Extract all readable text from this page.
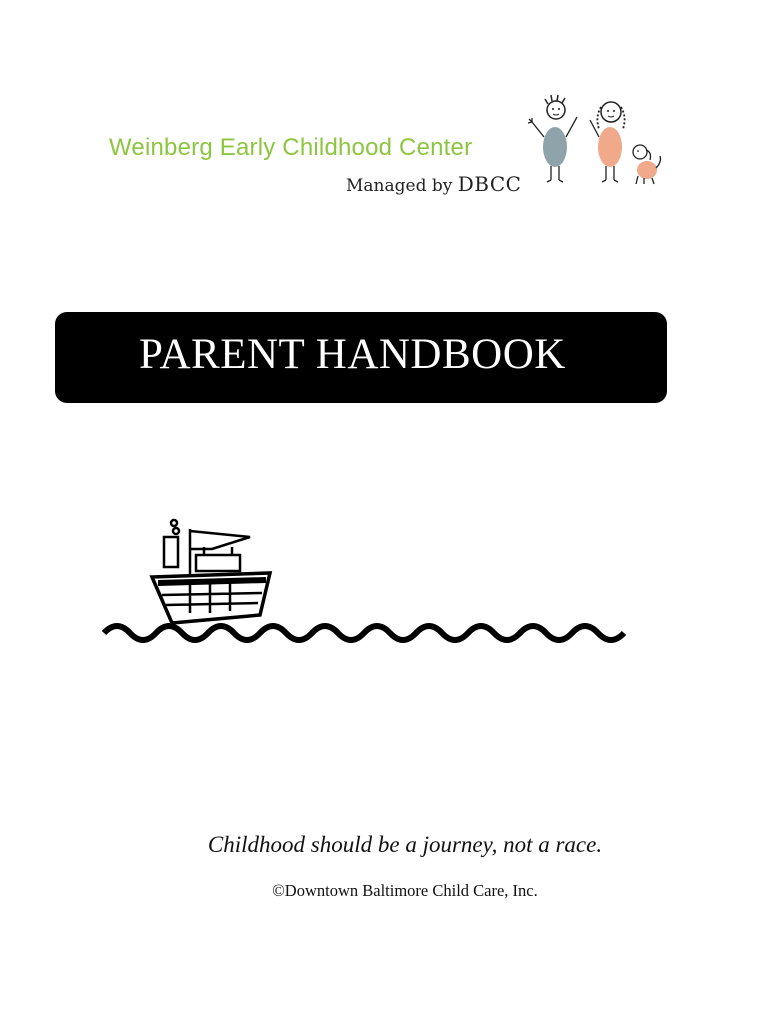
Weinberg Early Childhood Center
Managed by DBCC
PARENT HANDBOOK
Childhood should be a journey, not a race.
©Downtown Baltimore Child Care, Inc.
